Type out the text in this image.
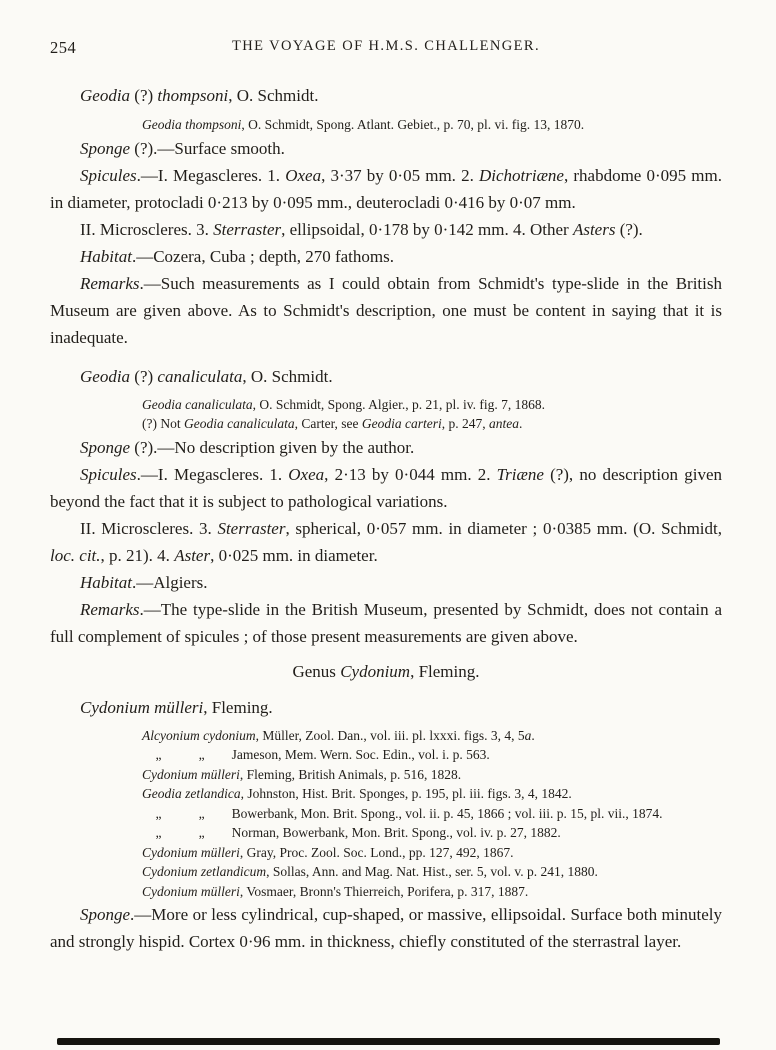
254	THE VOYAGE OF H.M.S. CHALLENGER.
Geodia (?) thompsoni, O. Schmidt.
Geodia thompsoni, O. Schmidt, Spong. Atlant. Gebiet., p. 70, pl. vi. fig. 13, 1870.

Sponge (?).—Surface smooth.

Spicules.—I. Megascleres. 1. Oxea, 3·37 by 0·05 mm. 2. Dichotriæne, rhabdome 0·095 mm. in diameter, protocladi 0·213 by 0·095 mm., deuterocladi 0·416 by 0·07 mm.

II. Microscleres. 3. Sterraster, ellipsoidal, 0·178 by 0·142 mm. 4. Other Asters (?).

Habitat.—Cozera, Cuba ; depth, 270 fathoms.

Remarks.—Such measurements as I could obtain from Schmidt's type-slide in the British Museum are given above. As to Schmidt's description, one must be content in saying that it is inadequate.

Geodia (?) canaliculata, O. Schmidt.
Geodia canaliculata, O. Schmidt, Spong. Algier., p. 21, pl. iv. fig. 7, 1868.
(?) Not Geodia canaliculata, Carter, see Geodia carteri, p. 247, antea.

Sponge (?).—No description given by the author.

Spicules.—I. Megascleres. 1. Oxea, 2·13 by 0·044 mm. 2. Triæne (?), no description given beyond the fact that it is subject to pathological variations.

II. Microscleres. 3. Sterraster, spherical, 0·057 mm. in diameter ; 0·0385 mm. (O. Schmidt, loc. cit., p. 21). 4. Aster, 0·025 mm. in diameter.

Habitat.—Algiers.

Remarks.—The type-slide in the British Museum, presented by Schmidt, does not contain a full complement of spicules ; of those present measurements are given above.

Genus Cydonium, Fleming.
Cydonium mülleri, Fleming.
Alcyonium cydonium, Müller, Zool. Dan., vol. iii. pl. lxxxi. figs. 3, 4, 5a.
„           „        Jameson, Mem. Wern. Soc. Edin., vol. i. p. 563.
Cydonium mülleri, Fleming, British Animals, p. 516, 1828.
Geodia zetlandica, Johnston, Hist. Brit. Sponges, p. 195, pl. iii. figs. 3, 4, 1842.
„           „        Bowerbank, Mon. Brit. Spong., vol. ii. p. 45, 1866 ; vol. iii. p. 15, pl. vii., 1874.
„           „        Norman, Bowerbank, Mon. Brit. Spong., vol. iv. p. 27, 1882.
Cydonium mülleri, Gray, Proc. Zool. Soc. Lond., pp. 127, 492, 1867.
Cydonium zetlandicum, Sollas, Ann. and Mag. Nat. Hist., ser. 5, vol. v. p. 241, 1880.
Cydonium mülleri, Vosmaer, Bronn's Thierreich, Porifera, p. 317, 1887.

Sponge.—More or less cylindrical, cup-shaped, or massive, ellipsoidal. Surface both minutely and strongly hispid. Cortex 0·96 mm. in thickness, chiefly constituted of the sterrastral layer.
